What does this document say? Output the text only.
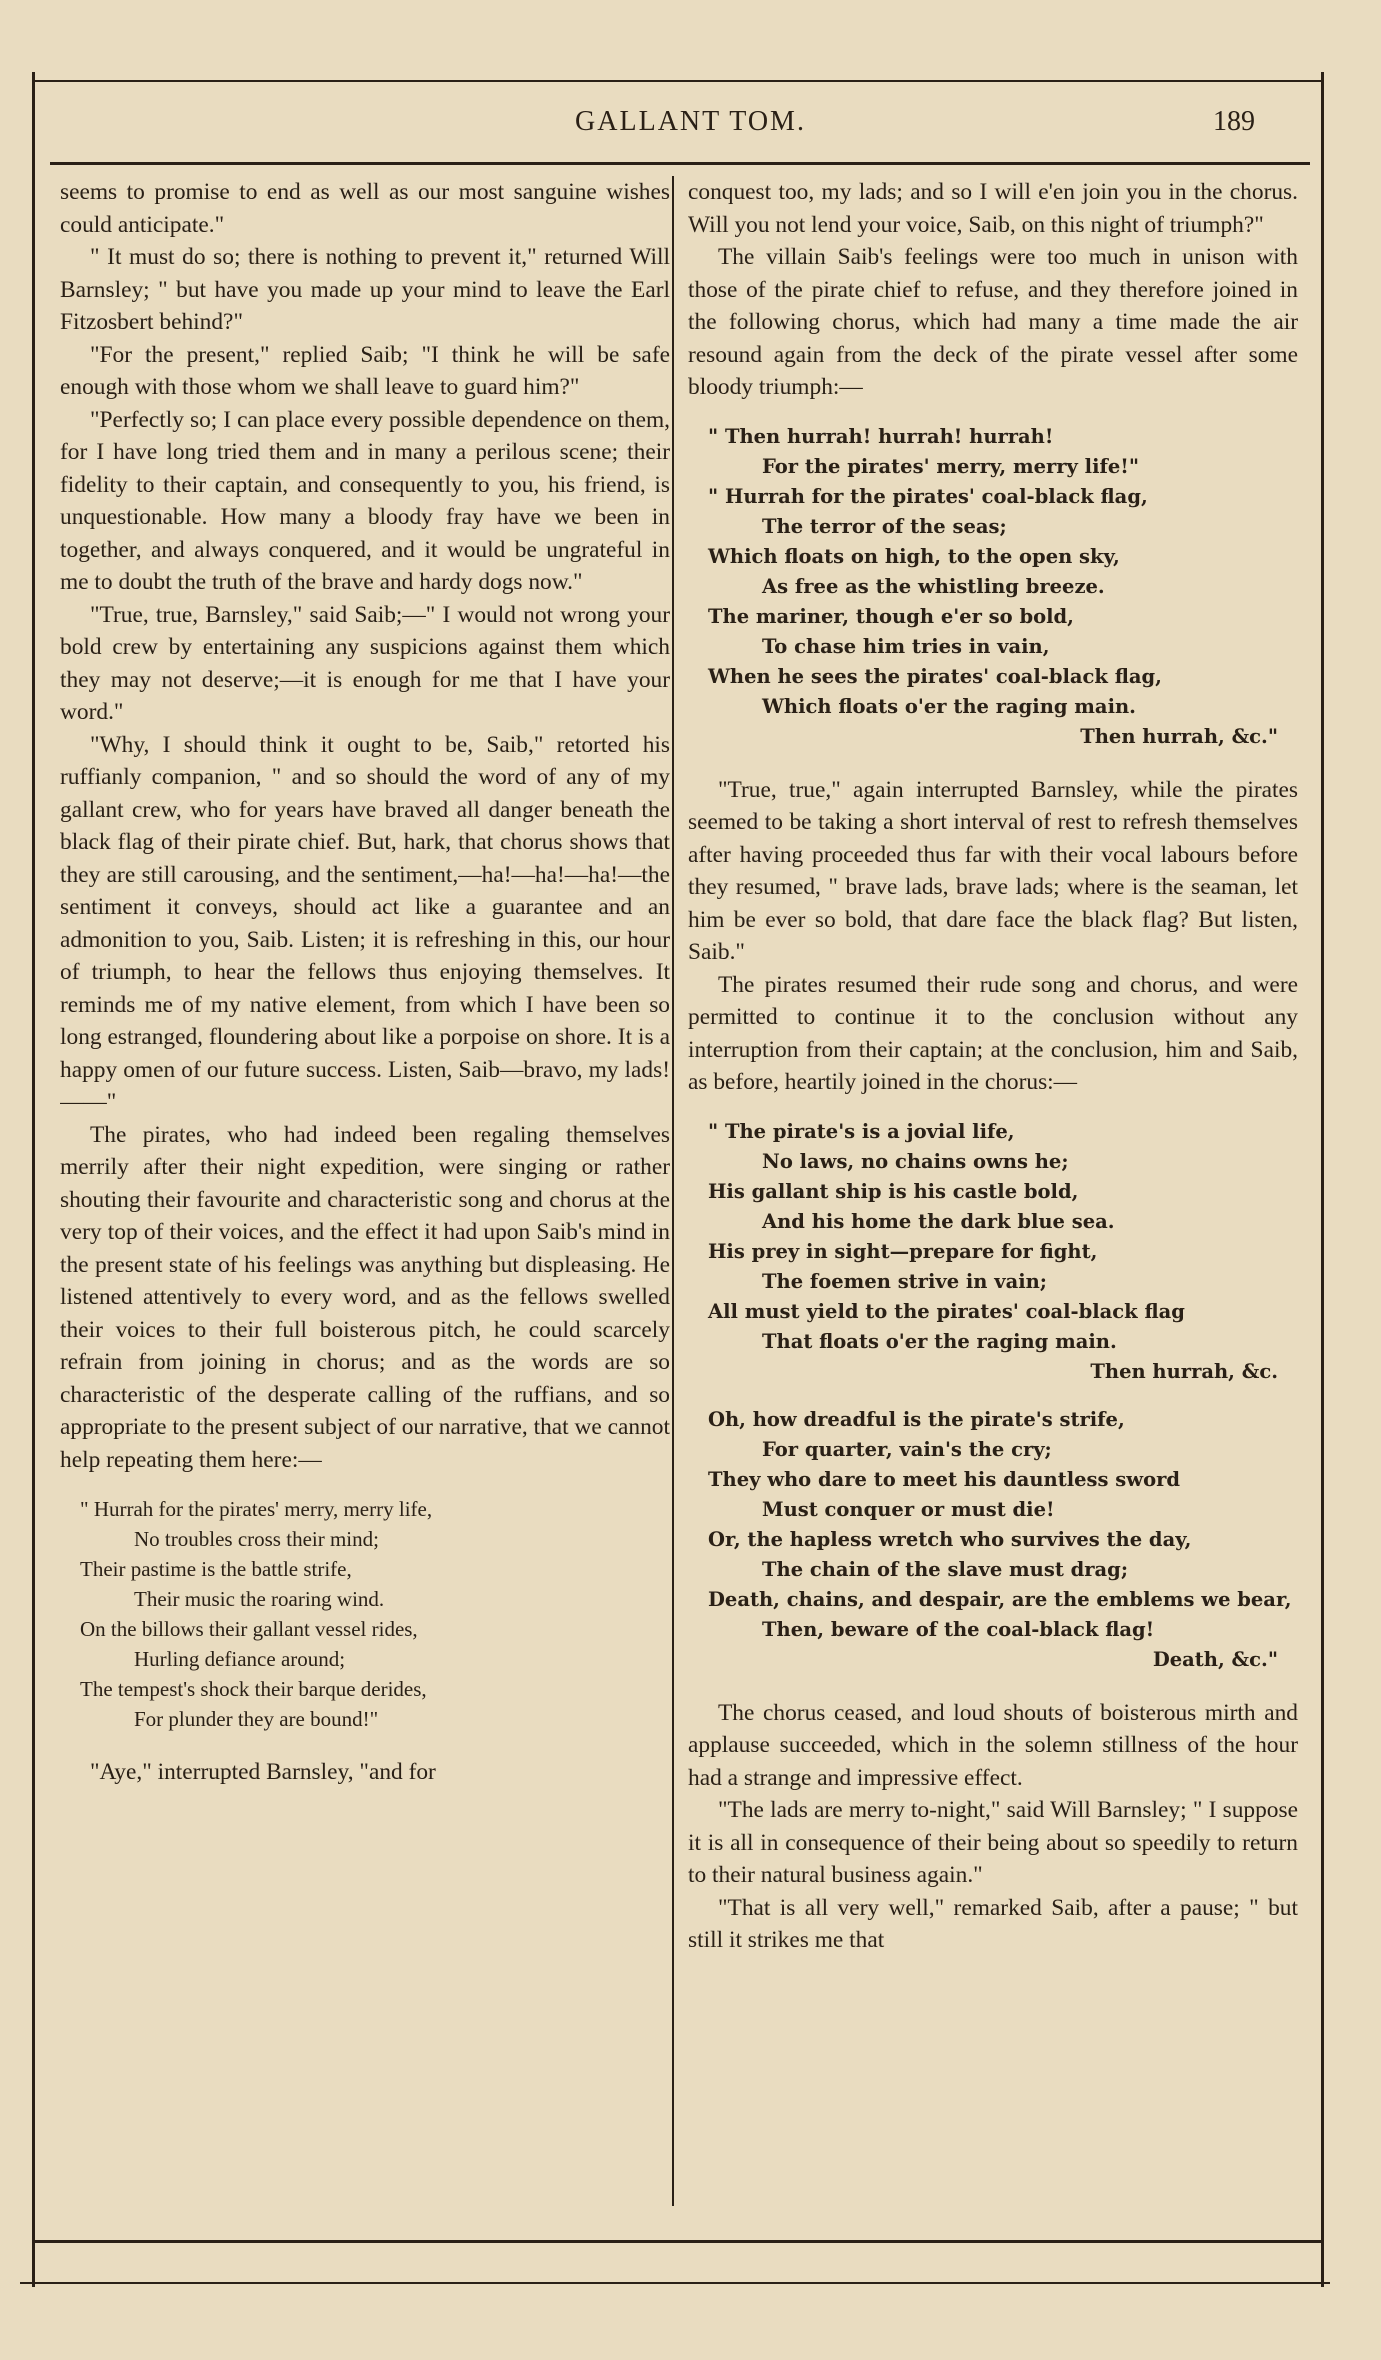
GALLANT TOM.	189

seems to promise to end as well as our most sanguine wishes could anticipate."

" It must do so; there is nothing to prevent it," returned Will Barnsley; " but have you made up your mind to leave the Earl Fitzosbert behind?"

"For the present," replied Saib; "I think he will be safe enough with those whom we shall leave to guard him?"

"Perfectly so; I can place every possible dependence on them, for I have long tried them and in many a perilous scene; their fidelity to their captain, and consequently to you, his friend, is unquestionable. How many a bloody fray have we been in together, and always conquered, and it would be ungrateful in me to doubt the truth of the brave and hardy dogs now."

"True, true, Barnsley," said Saib;—" I would not wrong your bold crew by entertaining any suspicions against them which they may not deserve;—it is enough for me that I have your word."

"Why, I should think it ought to be, Saib," retorted his ruffianly companion, " and so should the word of any of my gallant crew, who for years have braved all danger beneath the black flag of their pirate chief. But, hark, that chorus shows that they are still carousing, and the sentiment,—ha!—ha!—ha!—the sentiment it conveys, should act like a guarantee and an admonition to you, Saib. Listen; it is refreshing in this, our hour of triumph, to hear the fellows thus enjoying themselves. It reminds me of my native element, from which I have been so long estranged, floundering about like a porpoise on shore. It is a happy omen of our future success. Listen, Saib—bravo, my lads!——"

The pirates, who had indeed been regaling themselves merrily after their night expedition, were singing or rather shouting their favourite and characteristic song and chorus at the very top of their voices, and the effect it had upon Saib's mind in the present state of his feelings was anything but displeasing. He listened attentively to every word, and as the fellows swelled their voices to their full boisterous pitch, he could scarcely refrain from joining in chorus; and as the words are so characteristic of the desperate calling of the ruffians, and so appropriate to the present subject of our narrative, that we cannot help repeating them here:—

" Hurrah for the pirates' merry, merry life,
No troubles cross their mind;
Their pastime is the battle strife,
Their music the roaring wind.
On the billows their gallant vessel rides,
Hurling defiance around;
The tempest's shock their barque derides,
For plunder they are bound!"

"Aye," interrupted Barnsley, "and for

conquest too, my lads; and so I will e'en join you in the chorus. Will you not lend your voice, Saib, on this night of triumph?"

The villain Saib's feelings were too much in unison with those of the pirate chief to refuse, and they therefore joined in the following chorus, which had many a time made the air resound again from the deck of the pirate vessel after some bloody triumph:—

" Then hurrah! hurrah! hurrah!
For the pirates' merry, merry life!"
" Hurrah for the pirates' coal-black flag,
The terror of the seas;
Which floats on high, to the open sky,
As free as the whistling breeze.
The mariner, though e'er so bold,
To chase him tries in vain,
When he sees the pirates' coal-black flag,
Which floats o'er the raging main.
Then hurrah, &c."

"True, true," again interrupted Barnsley, while the pirates seemed to be taking a short interval of rest to refresh themselves after having proceeded thus far with their vocal labours before they resumed, " brave lads, brave lads; where is the seaman, let him be ever so bold, that dare face the black flag? But listen, Saib."

The pirates resumed their rude song and chorus, and were permitted to continue it to the conclusion without any interruption from their captain; at the conclusion, him and Saib, as before, heartily joined in the chorus:—

" The pirate's is a jovial life,
No laws, no chains owns he;
His gallant ship is his castle bold,
And his home the dark blue sea.
His prey in sight—prepare for fight,
The foemen strive in vain;
All must yield to the pirates' coal-black flag
That floats o'er the raging main.
Then hurrah, &c.
Oh, how dreadful is the pirate's strife,
For quarter, vain's the cry;
They who dare to meet his dauntless sword
Must conquer or must die!
Or, the hapless wretch who survives the day,
The chain of the slave must drag;
Death, chains, and despair, are the emblems we bear,
Then, beware of the coal-black flag!
Death, &c."

The chorus ceased, and loud shouts of boisterous mirth and applause succeeded, which in the solemn stillness of the hour had a strange and impressive effect.

"The lads are merry to-night," said Will Barnsley; " I suppose it is all in consequence of their being about so speedily to return to their natural business again."

"That is all very well," remarked Saib, after a pause; " but still it strikes me that
